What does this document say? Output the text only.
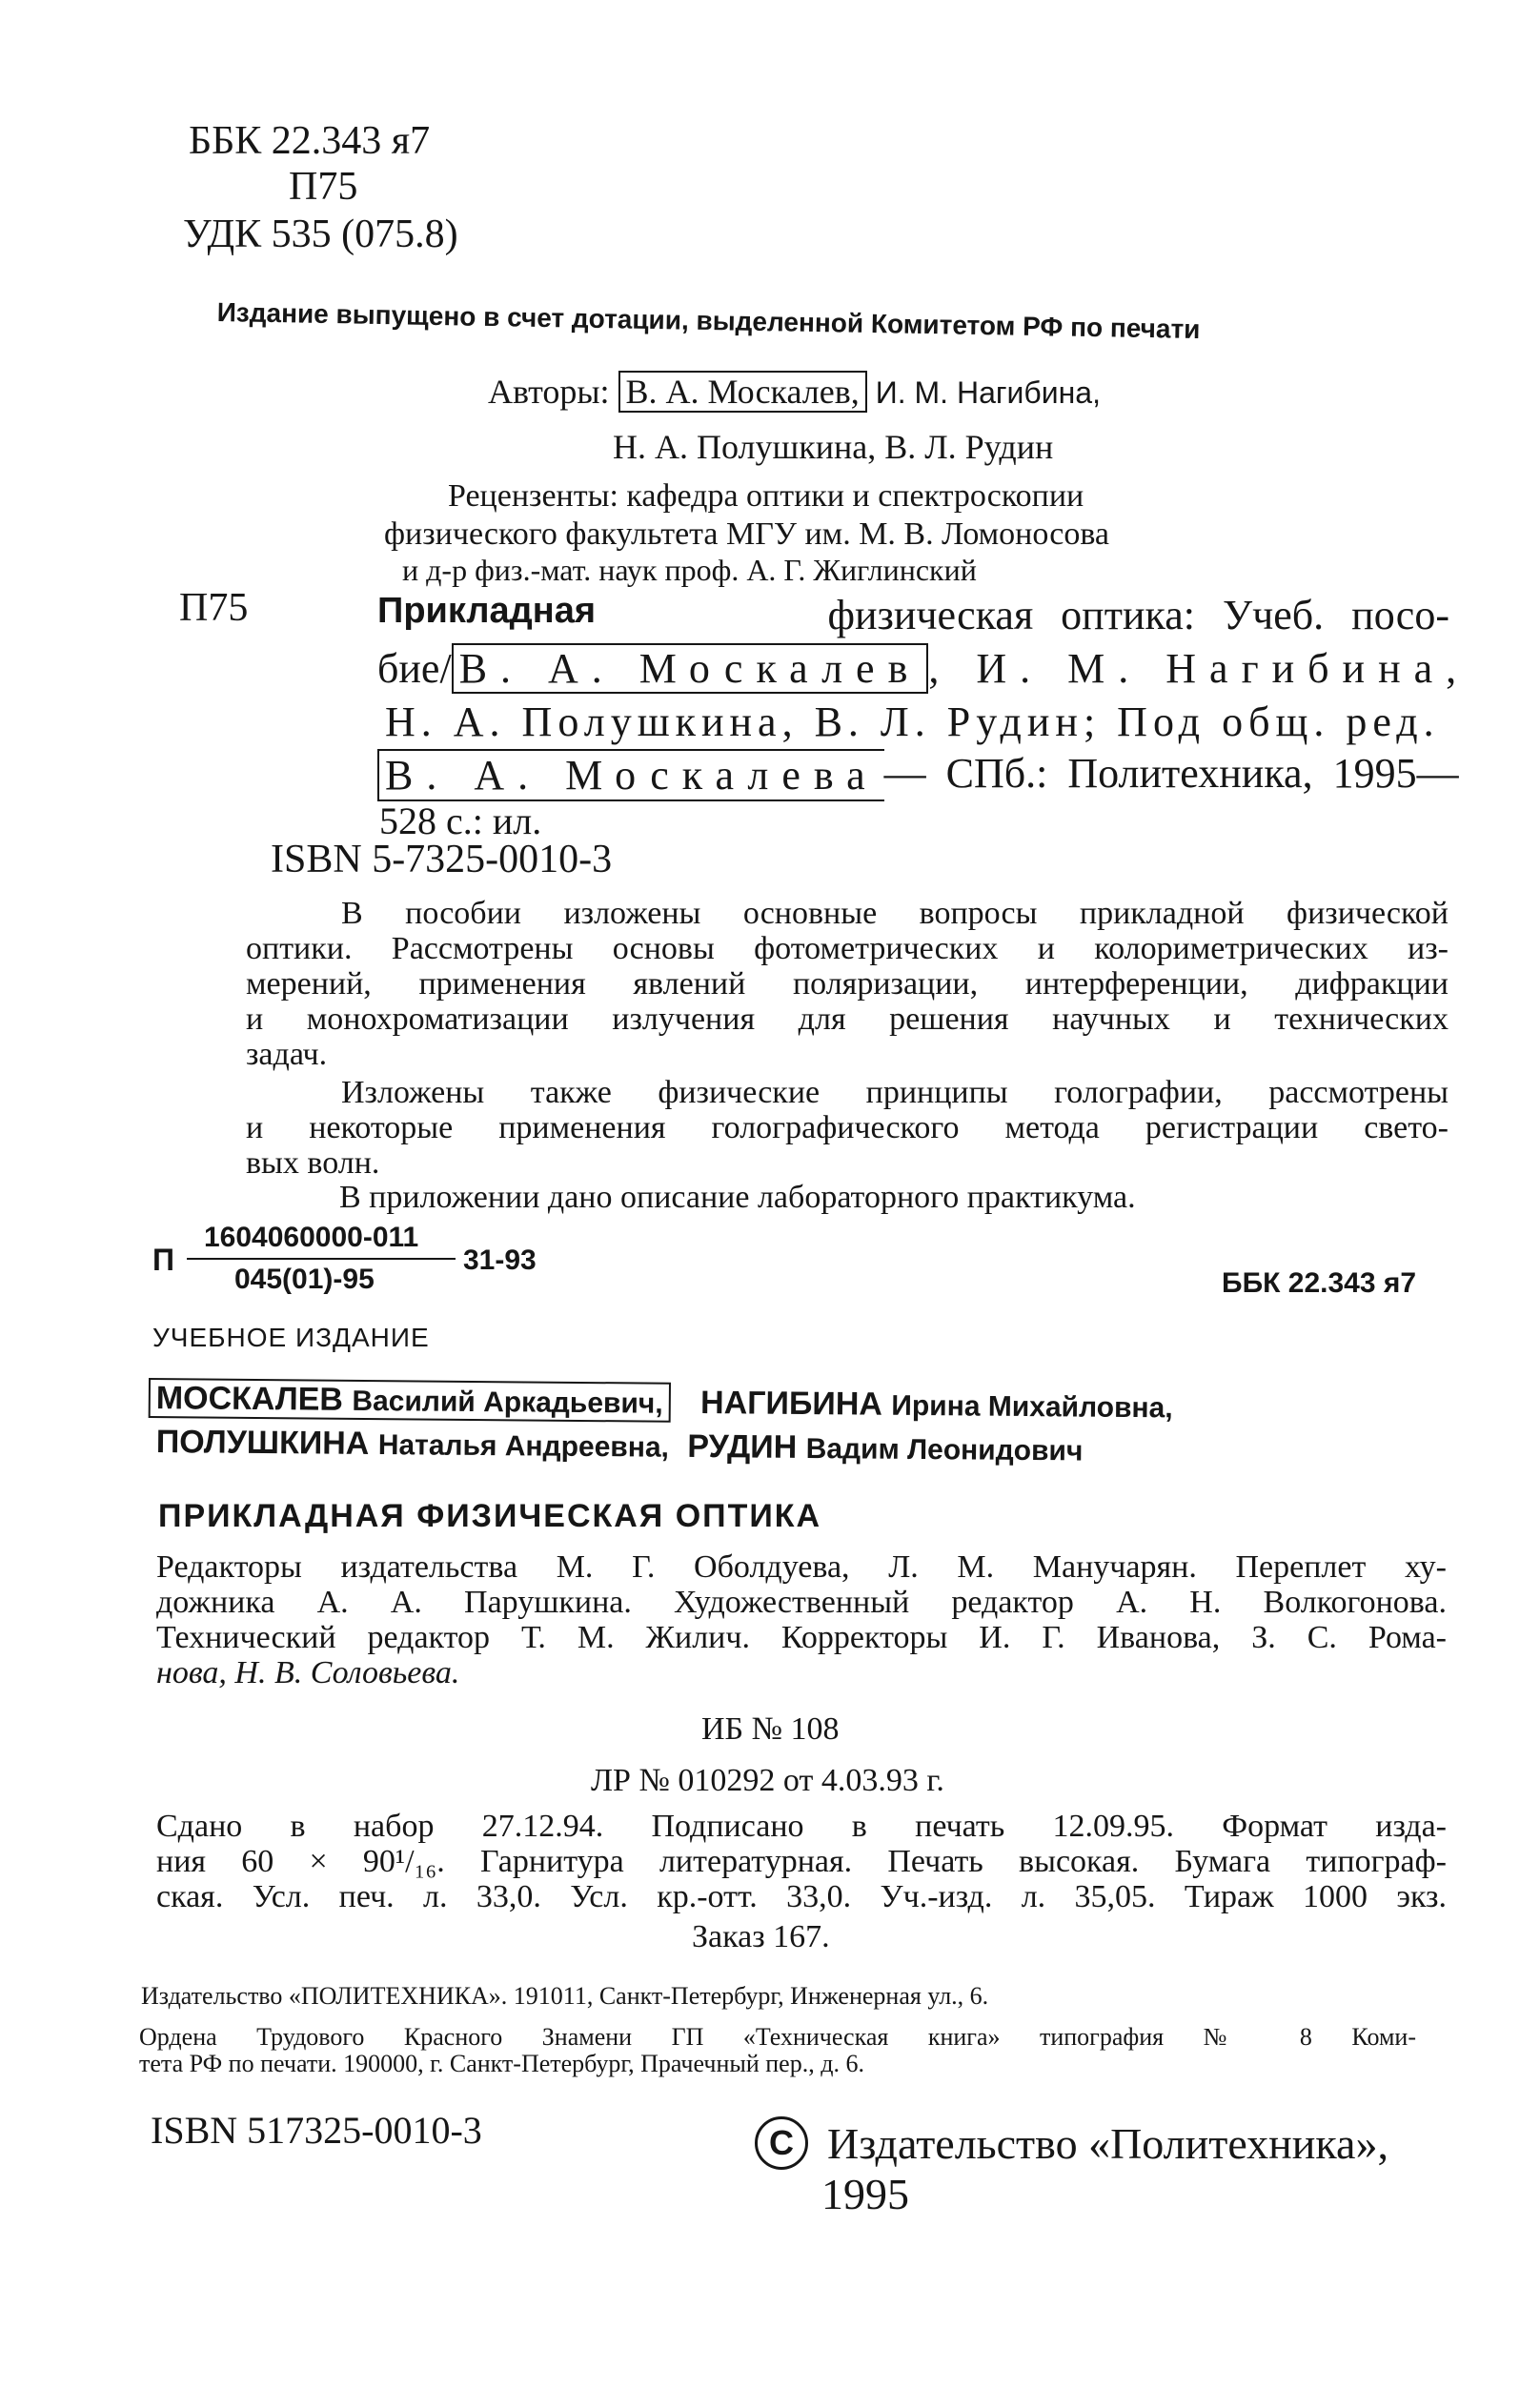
ББК 22.343 я7
П75
УДК 535 (075.8)
Издание выпущено в счет дотации, выделенной Комитетом РФ по печати
Авторы: В. А. Москалев, И. М. Нагибина,
Н. А. Полушкина, В. Л. Рудин
Рецензенты: кафедра оптики и спектроскопии
физического факультета МГУ им. М. В. Ломоносова
и д-р физ.-мат. наук проф. А. Г. Жиглинский
П75	Прикладная	физическая оптика: Учеб. посо-
бие/ В. А. Москалев , И. М. Нагибина,
Н. А. Полушкина, В. Л. Рудин; Под общ. ред.
В. А. Москалева — СПб.: Политехника, 1995—
528 с.: ил.
ISBN 5-7325-0010-3
В пособии изложены основные вопросы прикладной физической
оптики. Рассмотрены основы фотометрических и колориметрических из-
мерений, применения явлений поляризации, интерференции, дифракции
и монохроматизации излучения для решения научных и технических
задач.
Изложены также физические принципы голографии, рассмотрены
и некоторые применения голографического метода регистрации свето-
вых волн.
В приложении дано описание лабораторного практикума.
П
1604060000-011
045(01)-95
31-93
ББК 22.343 я7
УЧЕБНОЕ ИЗДАНИЕ
МОСКАЛЕВ Василий Аркадьевич, НАГИБИНА Ирина Михайловна,
ПОЛУШКИНА Наталья Андреевна, РУДИН Вадим Леонидович
ПРИКЛАДНАЯ ФИЗИЧЕСКАЯ ОПТИКА
Редакторы издательства М. Г. Оболдуева, Л. М. Манучарян. Переплет ху-
дожника А. А. Парушкина. Художественный редактор А. Н. Волкогонова.
Технический редактор Т. М. Жилич. Корректоры И. Г. Иванова, З. С. Рома-
нова, Н. В. Соловьева.
ИБ № 108
ЛР № 010292 от 4.03.93 г.
Сдано в набор 27.12.94. Подписано в печать 12.09.95. Формат изда-
ния 60 × 90¹/₁₆. Гарнитура литературная. Печать высокая. Бумага типограф-
ская. Усл. печ. л. 33,0. Усл. кр.-отт. 33,0. Уч.-изд. л. 35,05. Тираж 1000 экз.
Заказ 167.
Издательство «ПОЛИТЕХНИКА». 191011, Санкт-Петербург, Инженерная ул., 6.
Ордена Трудового Красного Знамени ГП «Техническая книга» типография № 8 Коми-
тета РФ по печати. 190000, г. Санкт-Петербург, Прачечный пер., д. 6.
ISBN 517325-0010-3	C Издательство «Политехника»,
1995
